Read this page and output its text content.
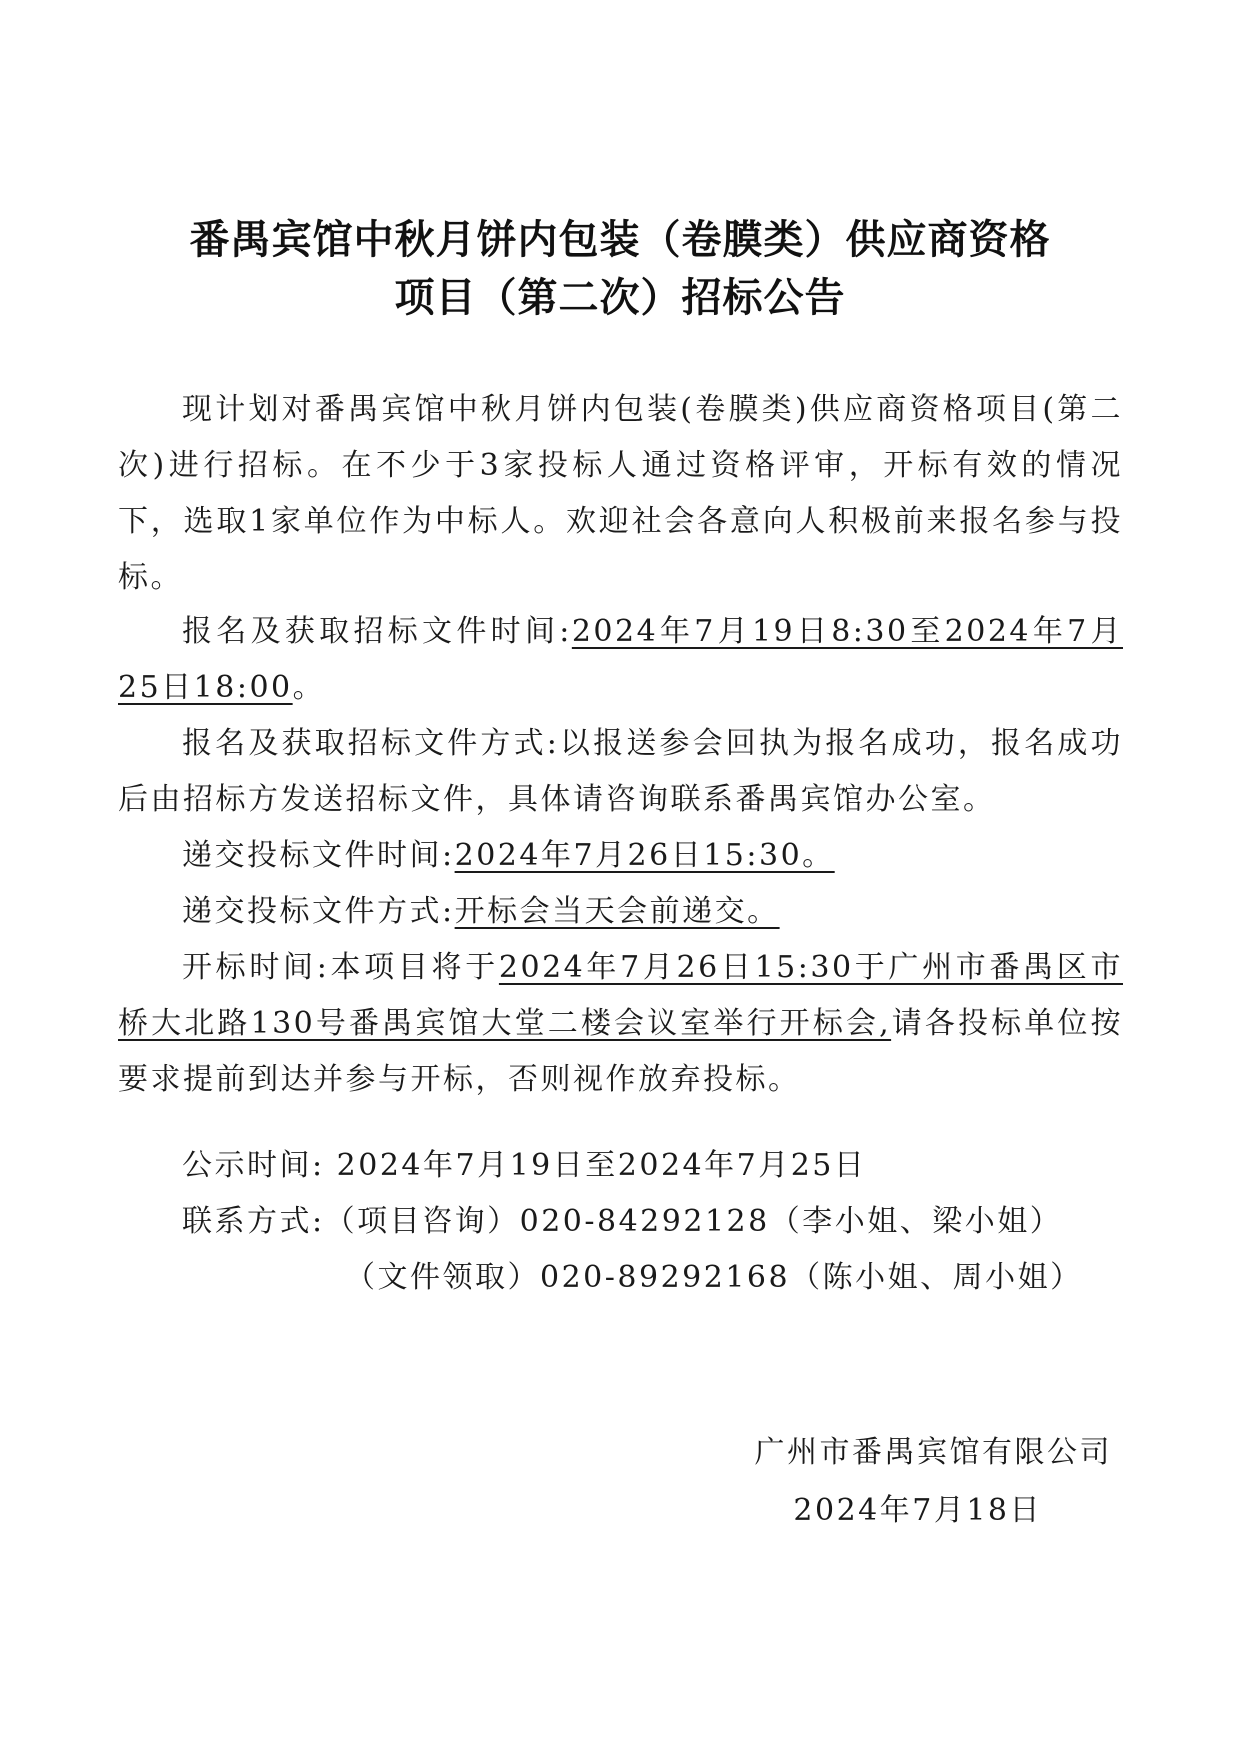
番禺宾馆中秋月饼内包装（卷膜类）供应商资格
项目（第二次）招标公告
现计划对番禺宾馆中秋月饼内包装(卷膜类)供应商资格项目(第二次)进行招标。在不少于3家投标人通过资格评审，开标有效的情况下，选取1家单位作为中标人。欢迎社会各意向人积极前来报名参与投标。
报名及获取招标文件时间:2024年7月19日8:30至2024年7月25日18:00。
报名及获取招标文件方式:以报送参会回执为报名成功，报名成功后由招标方发送招标文件，具体请咨询联系番禺宾馆办公室。
递交投标文件时间:2024年7月26日15:30。
递交投标文件方式:开标会当天会前递交。
开标时间:本项目将于2024年7月26日15:30于广州市番禺区市桥大北路130号番禺宾馆大堂二楼会议室举行开标会,请各投标单位按要求提前到达并参与开标，否则视作放弃投标。
公示时间: 2024年7月19日至2024年7月25日
联系方式:（项目咨询）020-84292128（李小姐、梁小姐）
（文件领取）020-89292168（陈小姐、周小姐）
广州市番禺宾馆有限公司
2024年7月18日
